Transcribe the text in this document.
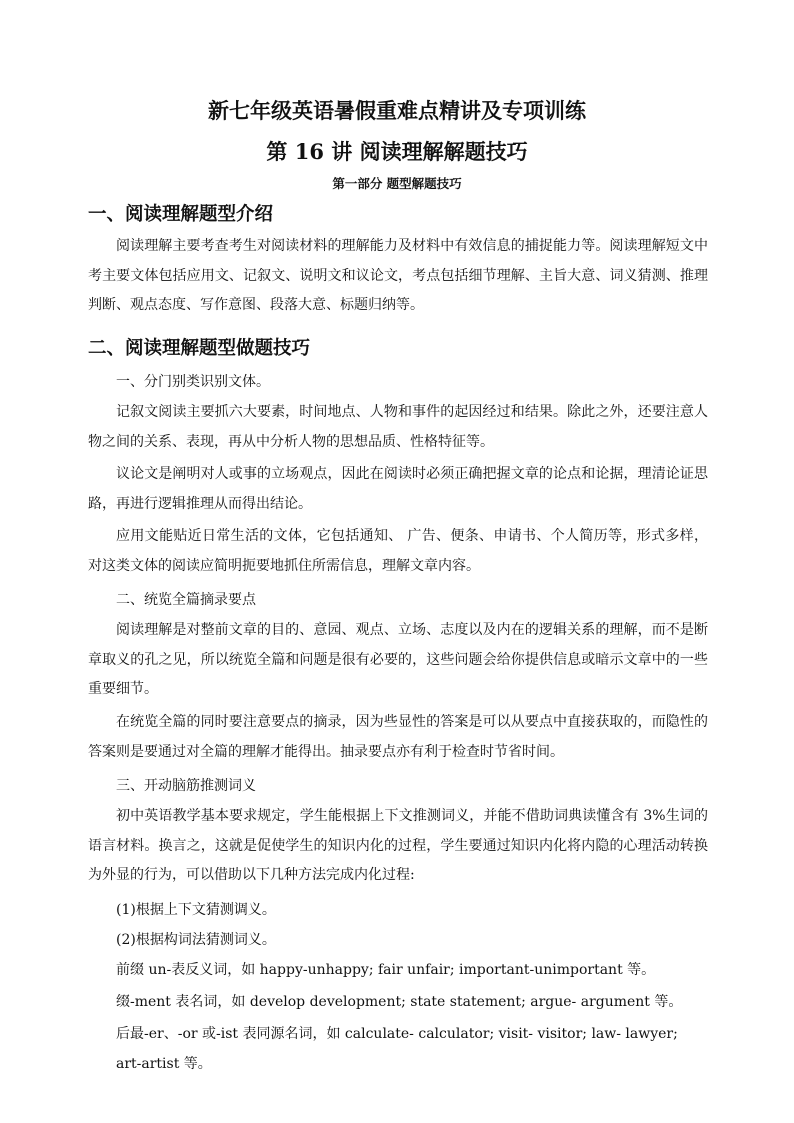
新七年级英语暑假重难点精讲及专项训练
第 16 讲 阅读理解解题技巧
第一部分 题型解题技巧
一、阅读理解题型介绍

阅读理解主要考查考生对阅读材料的理解能力及材料中有效信息的捕捉能力等。阅读理解短文中考主要文体包括应用文、记叙文、说明文和议论文，考点包括细节理解、主旨大意、词义猜测、推理判断、观点态度、写作意图、段落大意、标题归纳等。

二、阅读理解题型做题技巧

一、分门别类识别文体。

记叙文阅读主要抓六大要素，时间地点、人物和事件的起因经过和结果。除此之外，还要注意人物之间的关系、表现，再从中分析人物的思想品质、性格特征等。

议论文是阐明对人或事的立场观点，因此在阅读时必须正确把握文章的论点和论据，理清论证思路，再进行逻辑推理从而得出结论。

应用文能贴近日常生活的文体，它包括通知、 广告、便条、申请书、个人简历等，形式多样，对这类文体的阅读应简明扼要地抓住所需信息，理解文章内容。

二、统览全篇摘录要点

阅读理解是对整前文章的目的、意园、观点、立场、志度以及内在的逻辑关系的理解，而不是断章取义的孔之见，所以统览全篇和问题是很有必要的，这些问题会给你提供信息或暗示文章中的一些重要细节。

在统览全篇的同时要注意要点的摘录，因为些显性的答案是可以从要点中直接获取的，而隐性的答案则是要通过对全篇的理解才能得出。抽录要点亦有利于检查时节省时间。

三、开动脑筋推测词义

初中英语教学基本要求规定，学生能根据上下文推测词义，并能不借助词典读懂含有 3%生词的语言材料。换言之，这就是促使学生的知识内化的过程，学生要通过知识内化将内隐的心理活动转换为外显的行为，可以借助以下几种方法完成内化过程:

(1)根据上下文猜测调义。

(2)根据构词法猜测词义。

前缀 un-表反义词，如 happy-unhappy; fair unfair; important-unimportant 等。

缀-ment 表名词，如 develop development; state statement; argue- argument 等。

后最-er、-or 或-ist 表同源名词，如 calculate- calculator; visit- visitor; law- lawyer; art-artist 等。
